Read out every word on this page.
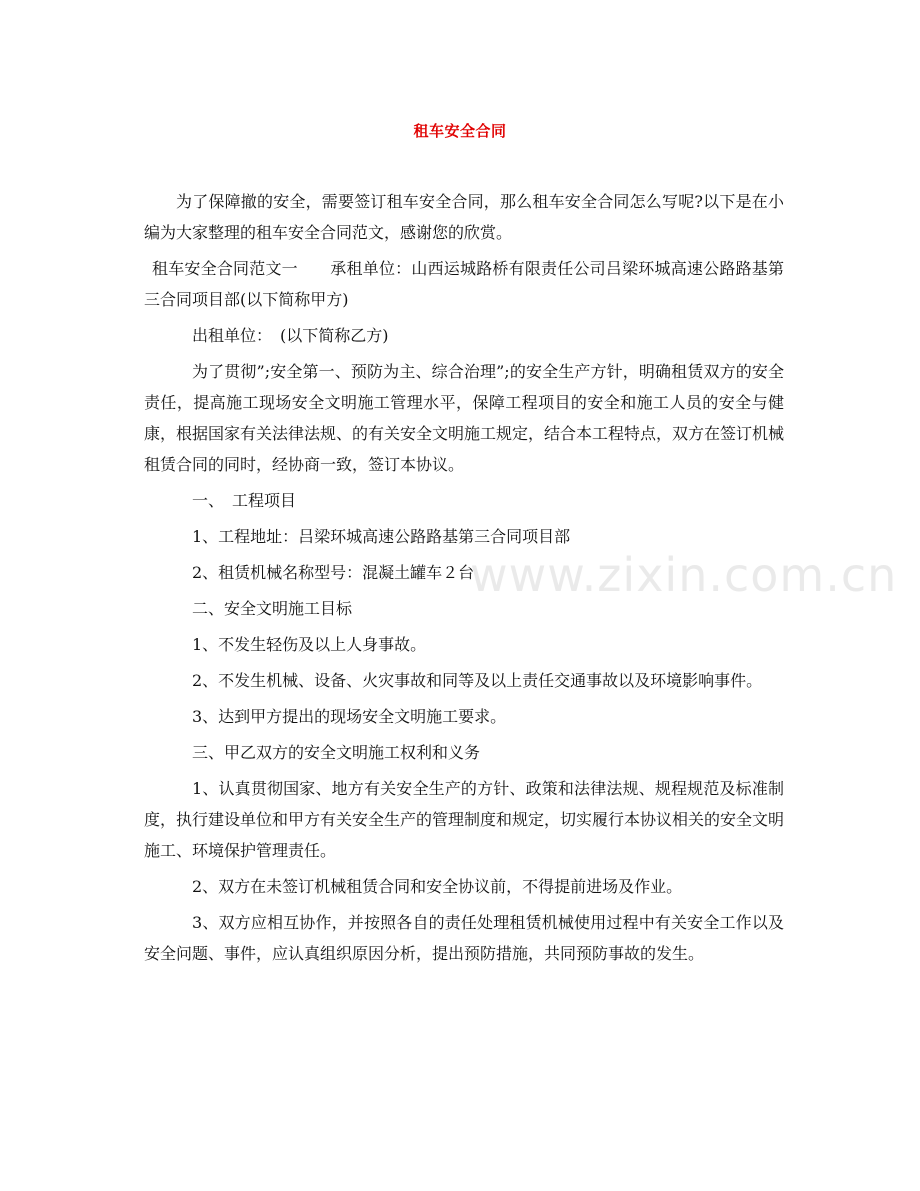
租车安全合同

为了保障撤的安全，需要签订租车安全合同，那么租车安全合同怎么写呢?以下是在小编为大家整理的租车安全合同范文，感谢您的欣赏。

租车安全合同范文一　　承租单位：山西运城路桥有限责任公司吕梁环城高速公路路基第三合同项目部(以下简称甲方)

出租单位：　(以下简称乙方)

为了贯彻”;安全第一、预防为主、综合治理”;的安全生产方针，明确租赁双方的安全责任，提高施工现场安全文明施工管理水平，保障工程项目的安全和施工人员的安全与健康，根据国家有关法律法规、的有关安全文明施工规定，结合本工程特点，双方在签订机械租赁合同的同时，经协商一致，签订本协议。

一、　工程项目

1、工程地址：吕梁环城高速公路路基第三合同项目部

2、租赁机械名称型号：混凝土罐车２台

二、安全文明施工目标

1、不发生轻伤及以上人身事故。

2、不发生机械、设备、火灾事故和同等及以上责任交通事故以及环境影响事件。

3、达到甲方提出的现场安全文明施工要求。

三、甲乙双方的安全文明施工权利和义务

1、认真贯彻国家、地方有关安全生产的方针、政策和法律法规、规程规范及标准制度，执行建设单位和甲方有关安全生产的管理制度和规定，切实履行本协议相关的安全文明施工、环境保护管理责任。

2、双方在未签订机械租赁合同和安全协议前，不得提前进场及作业。

3、双方应相互协作，并按照各自的责任处理租赁机械使用过程中有关安全工作以及安全问题、事件，应认真组织原因分析，提出预防措施，共同预防事故的发生。

www.zixin.com.cn
